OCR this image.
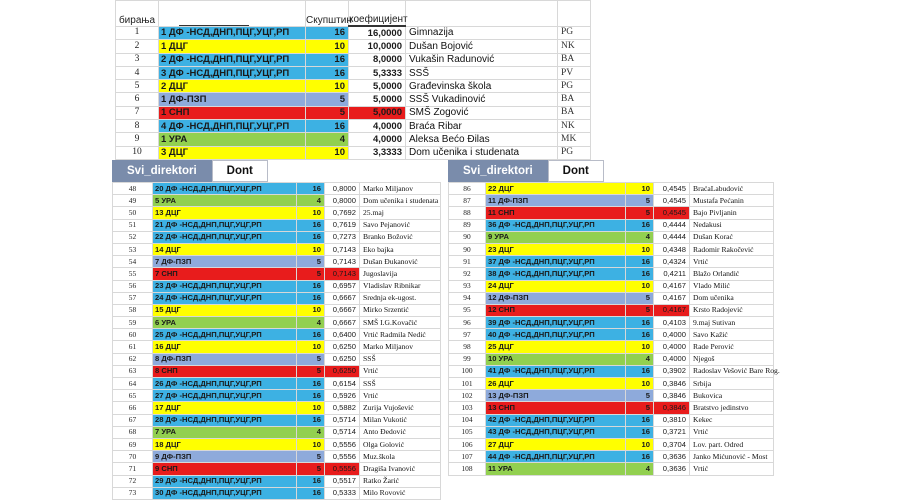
бирања		Скупштин	коефицијент		
1	1 ДФ -НСД,ДНП,ПЦГ,УЦГ,РП	16	16,0000	Gimnazija	PG
2	1 ДЦГ	10	10,0000	Dušan Bojović	NK
3	2 ДФ -НСД,ДНП,ПЦГ,УЦГ,РП	16	8,0000	Vukašin Radunović	BA
4	3 ДФ -НСД,ДНП,ПЦГ,УЦГ,РП	16	5,3333	SSŠ	PV
5	2 ДЦГ	10	5,0000	Građevinska škola	PG
6	1 ДФ-ПЗП	5	5,0000	SSŠ Vukadinović	BA
7	1 СНП	5	5,0000	SMŠ Zogović	BA
8	4 ДФ -НСД,ДНП,ПЦГ,УЦГ,РП	16	4,0000	Braća Ribar	NK
9	1 УРА	4	4,0000	Aleksa Bećo Đilas	MK
10	3 ДЦГ	10	3,3333	Dom učenika i studenata	PG
Svi_direktori	Dont
48	20 ДФ -НСД,ДНП,ПЦГ,УЦГ,РП	16	0,8000	Marko Miljanov
49	5 УРА	4	0,8000	Dom učenika i studenata
50	13 ДЦГ	10	0,7692	25.maj
51	21 ДФ -НСД,ДНП,ПЦГ,УЦГ,РП	16	0,7619	Savo Pejanović
52	22 ДФ -НСД,ДНП,ПЦГ,УЦГ,РП	16	0,7273	Branko Božović
53	14 ДЦГ	10	0,7143	Eko bajka
54	7 ДФ-ПЗП	5	0,7143	Dušan Đukanović
55	7 СНП	5	0,7143	Jugoslavija
56	23 ДФ -НСД,ДНП,ПЦГ,УЦГ,РП	16	0,6957	Vladislav Ribnikar
57	24 ДФ -НСД,ДНП,ПЦГ,УЦГ,РП	16	0,6667	Srednja ek-ugost.
58	15 ДЦГ	10	0,6667	Mirko Srzentić
59	6 УРА	4	0,6667	SMŠ I.G.Kovačić
60	25 ДФ -НСД,ДНП,ПЦГ,УЦГ,РП	16	0,6400	Vrtić Radmila Nedić
61	16 ДЦГ	10	0,6250	Marko Miljanov
62	8 ДФ-ПЗП	5	0,6250	SSŠ
63	8 СНП	5	0,6250	Vrtić
64	26 ДФ -НСД,ДНП,ПЦГ,УЦГ,РП	16	0,6154	SSŠ
65	27 ДФ -НСД,ДНП,ПЦГ,УЦГ,РП	16	0,5926	Vrtić
66	17 ДЦГ	10	0,5882	Zurija Vujošević
67	28 ДФ -НСД,ДНП,ПЦГ,УЦГ,РП	16	0,5714	Milan Vukotić
68	7 УРА	4	0,5714	Anto Đedović
69	18 ДЦГ	10	0,5556	Olga Golović
70	9 ДФ-ПЗП	5	0,5556	Muz.škola
71	9 СНП	5	0,5556	Dragiša Ivanović
72	29 ДФ -НСД,ДНП,ПЦГ,УЦГ,РП	16	0,5517	Ratko Žarić
73	30 ДФ -НСД,ДНП,ПЦГ,УЦГ,РП	16	0,5333	Milo Rovović
Svi_direktori	Dont
86	22 ДЦГ	10	0,4545	BraćaLabudović
87	11 ДФ-ПЗП	5	0,4545	Mustafa Pećanin
88	11 СНП	5	0,4545	Bajo Pivljanin
89	36 ДФ -НСД,ДНП,ПЦГ,УЦГ,РП	16	0,4444	Nedakusi
90	9 УРА	4	0,4444	Dušan Korać
90	23 ДЦГ	10	0,4348	Radomir Rakočević
91	37 ДФ -НСД,ДНП,ПЦГ,УЦГ,РП	16	0,4324	Vrtić
92	38 ДФ -НСД,ДНП,ПЦГ,УЦГ,РП	16	0,4211	Blažo Orlandić
93	24 ДЦГ	10	0,4167	Vlado Milić
94	12 ДФ-ПЗП	5	0,4167	Dom učenika
95	12 СНП	5	0,4167	Krsto Radojević
96	39 ДФ -НСД,ДНП,ПЦГ,УЦГ,РП	16	0,4103	9.maj Sutivan
97	40 ДФ -НСД,ДНП,ПЦГ,УЦГ,РП	16	0,4000	Savo Kažić
98	25 ДЦГ	10	0,4000	Rade Perović
99	10 УРА	4	0,4000	Njegoš
100	41 ДФ -НСД,ДНП,ПЦГ,УЦГ,РП	16	0,3902	Radoslav Vešović Bare Rog.
101	26 ДЦГ	10	0,3846	Srbija
102	13 ДФ-ПЗП	5	0,3846	Bukovica
103	13 СНП	5	0,3846	Bratstvo jedinstvo
104	42 ДФ -НСД,ДНП,ПЦГ,УЦГ,РП	16	0,3810	Kekec
105	43 ДФ -НСД,ДНП,ПЦГ,УЦГ,РП	16	0,3721	Vrtić
106	27 ДЦГ	10	0,3704	Lov. part. Odred
107	44 ДФ -НСД,ДНП,ПЦГ,УЦГ,РП	16	0,3636	Janko Mićunović - Most
108	11 УРА	4	0,3636	Vrtić
